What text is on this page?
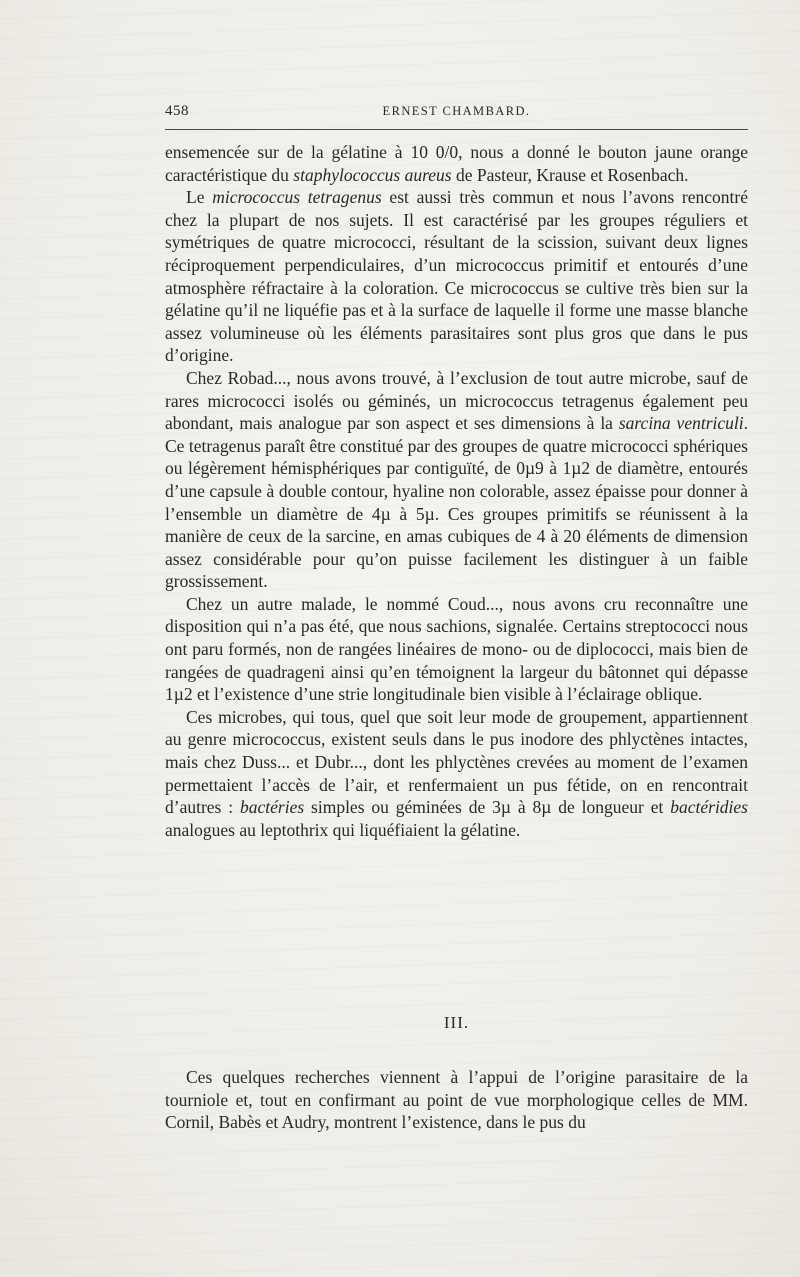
458	ERNEST CHAMBARD.

ensemencée sur de la gélatine à 10 0/0, nous a donné le bouton jaune orange caractéristique du staphylococcus aureus de Pasteur, Krause et Rosenbach.

Le micrococcus tetragenus est aussi très commun et nous l’avons rencontré chez la plupart de nos sujets. Il est caractérisé par les groupes réguliers et symétriques de quatre micrococci, résultant de la scission, suivant deux lignes réciproquement perpendiculaires, d’un micrococcus primitif et entourés d’une atmosphère réfractaire à la coloration. Ce micrococcus se cultive très bien sur la gélatine qu’il ne liquéfie pas et à la surface de laquelle il forme une masse blanche assez volumineuse où les éléments parasitaires sont plus gros que dans le pus d’origine.

Chez Robad..., nous avons trouvé, à l’exclusion de tout autre microbe, sauf de rares micrococci isolés ou géminés, un micrococcus tetragenus également peu abondant, mais analogue par son aspect et ses dimensions à la sarcina ventriculi. Ce tetragenus paraît être constitué par des groupes de quatre micrococci sphériques ou légèrement hémisphériques par contiguïté, de 0µ9 à 1µ2 de diamètre, entourés d’une capsule à double contour, hyaline non colorable, assez épaisse pour donner à l’ensemble un diamètre de 4µ à 5µ. Ces groupes primitifs se réunissent à la manière de ceux de la sarcine, en amas cubiques de 4 à 20 éléments de dimension assez considérable pour qu’on puisse facilement les distinguer à un faible grossissement.

Chez un autre malade, le nommé Coud..., nous avons cru reconnaître une disposition qui n’a pas été, que nous sachions, signalée. Certains streptococci nous ont paru formés, non de rangées linéaires de mono- ou de diplococci, mais bien de rangées de quadrageni ainsi qu’en témoignent la largeur du bâtonnet qui dépasse 1µ2 et l’existence d’une strie longitudinale bien visible à l’éclairage oblique.

Ces microbes, qui tous, quel que soit leur mode de groupement, appartiennent au genre micrococcus, existent seuls dans le pus inodore des phlyctènes intactes, mais chez Duss... et Dubr..., dont les phlyctènes crevées au moment de l’examen permettaient l’accès de l’air, et renfermaient un pus fétide, on en rencontrait d’autres : bactéries simples ou géminées de 3µ à 8µ de longueur et bactéridies analogues au leptothrix qui liquéfiaient la gélatine.

III.

Ces quelques recherches viennent à l’appui de l’origine parasitaire de la tourniole et, tout en confirmant au point de vue morphologique celles de MM. Cornil, Babès et Audry, montrent l’existence, dans le pus du
